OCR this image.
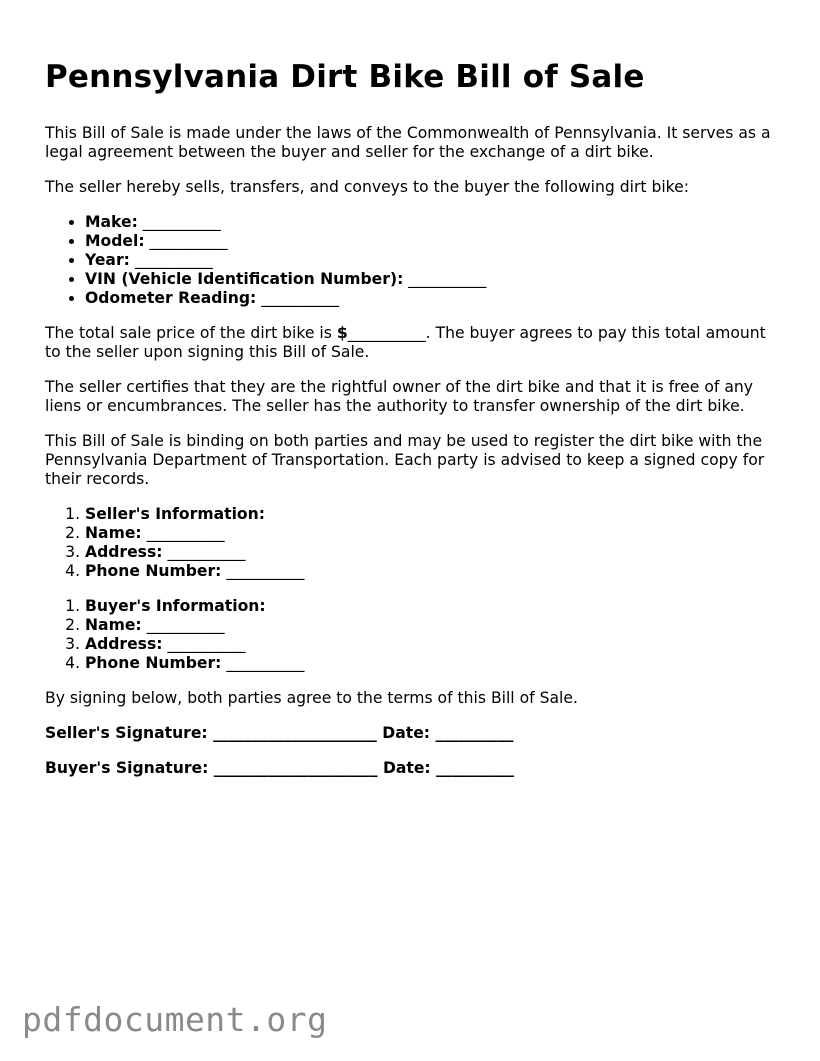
Pennsylvania Dirt Bike Bill of Sale

This Bill of Sale is made under the laws of the Commonwealth of Pennsylvania. It serves as a legal agreement between the buyer and seller for the exchange of a dirt bike.

The seller hereby sells, transfers, and conveys to the buyer the following dirt bike:

• Make: __________
• Model: __________
• Year: __________
• VIN (Vehicle Identification Number): __________
• Odometer Reading: __________

The total sale price of the dirt bike is $__________. The buyer agrees to pay this total amount to the seller upon signing this Bill of Sale.

The seller certifies that they are the rightful owner of the dirt bike and that it is free of any liens or encumbrances. The seller has the authority to transfer ownership of the dirt bike.

This Bill of Sale is binding on both parties and may be used to register the dirt bike with the Pennsylvania Department of Transportation. Each party is advised to keep a signed copy for their records.

1. Seller's Information:
2. Name: __________
3. Address: __________
4. Phone Number: __________
1. Buyer's Information:
2. Name: __________
3. Address: __________
4. Phone Number: __________

By signing below, both parties agree to the terms of this Bill of Sale.

Seller's Signature: _____________________ Date: __________
Buyer's Signature: _____________________ Date: __________
pdfdocument.org
